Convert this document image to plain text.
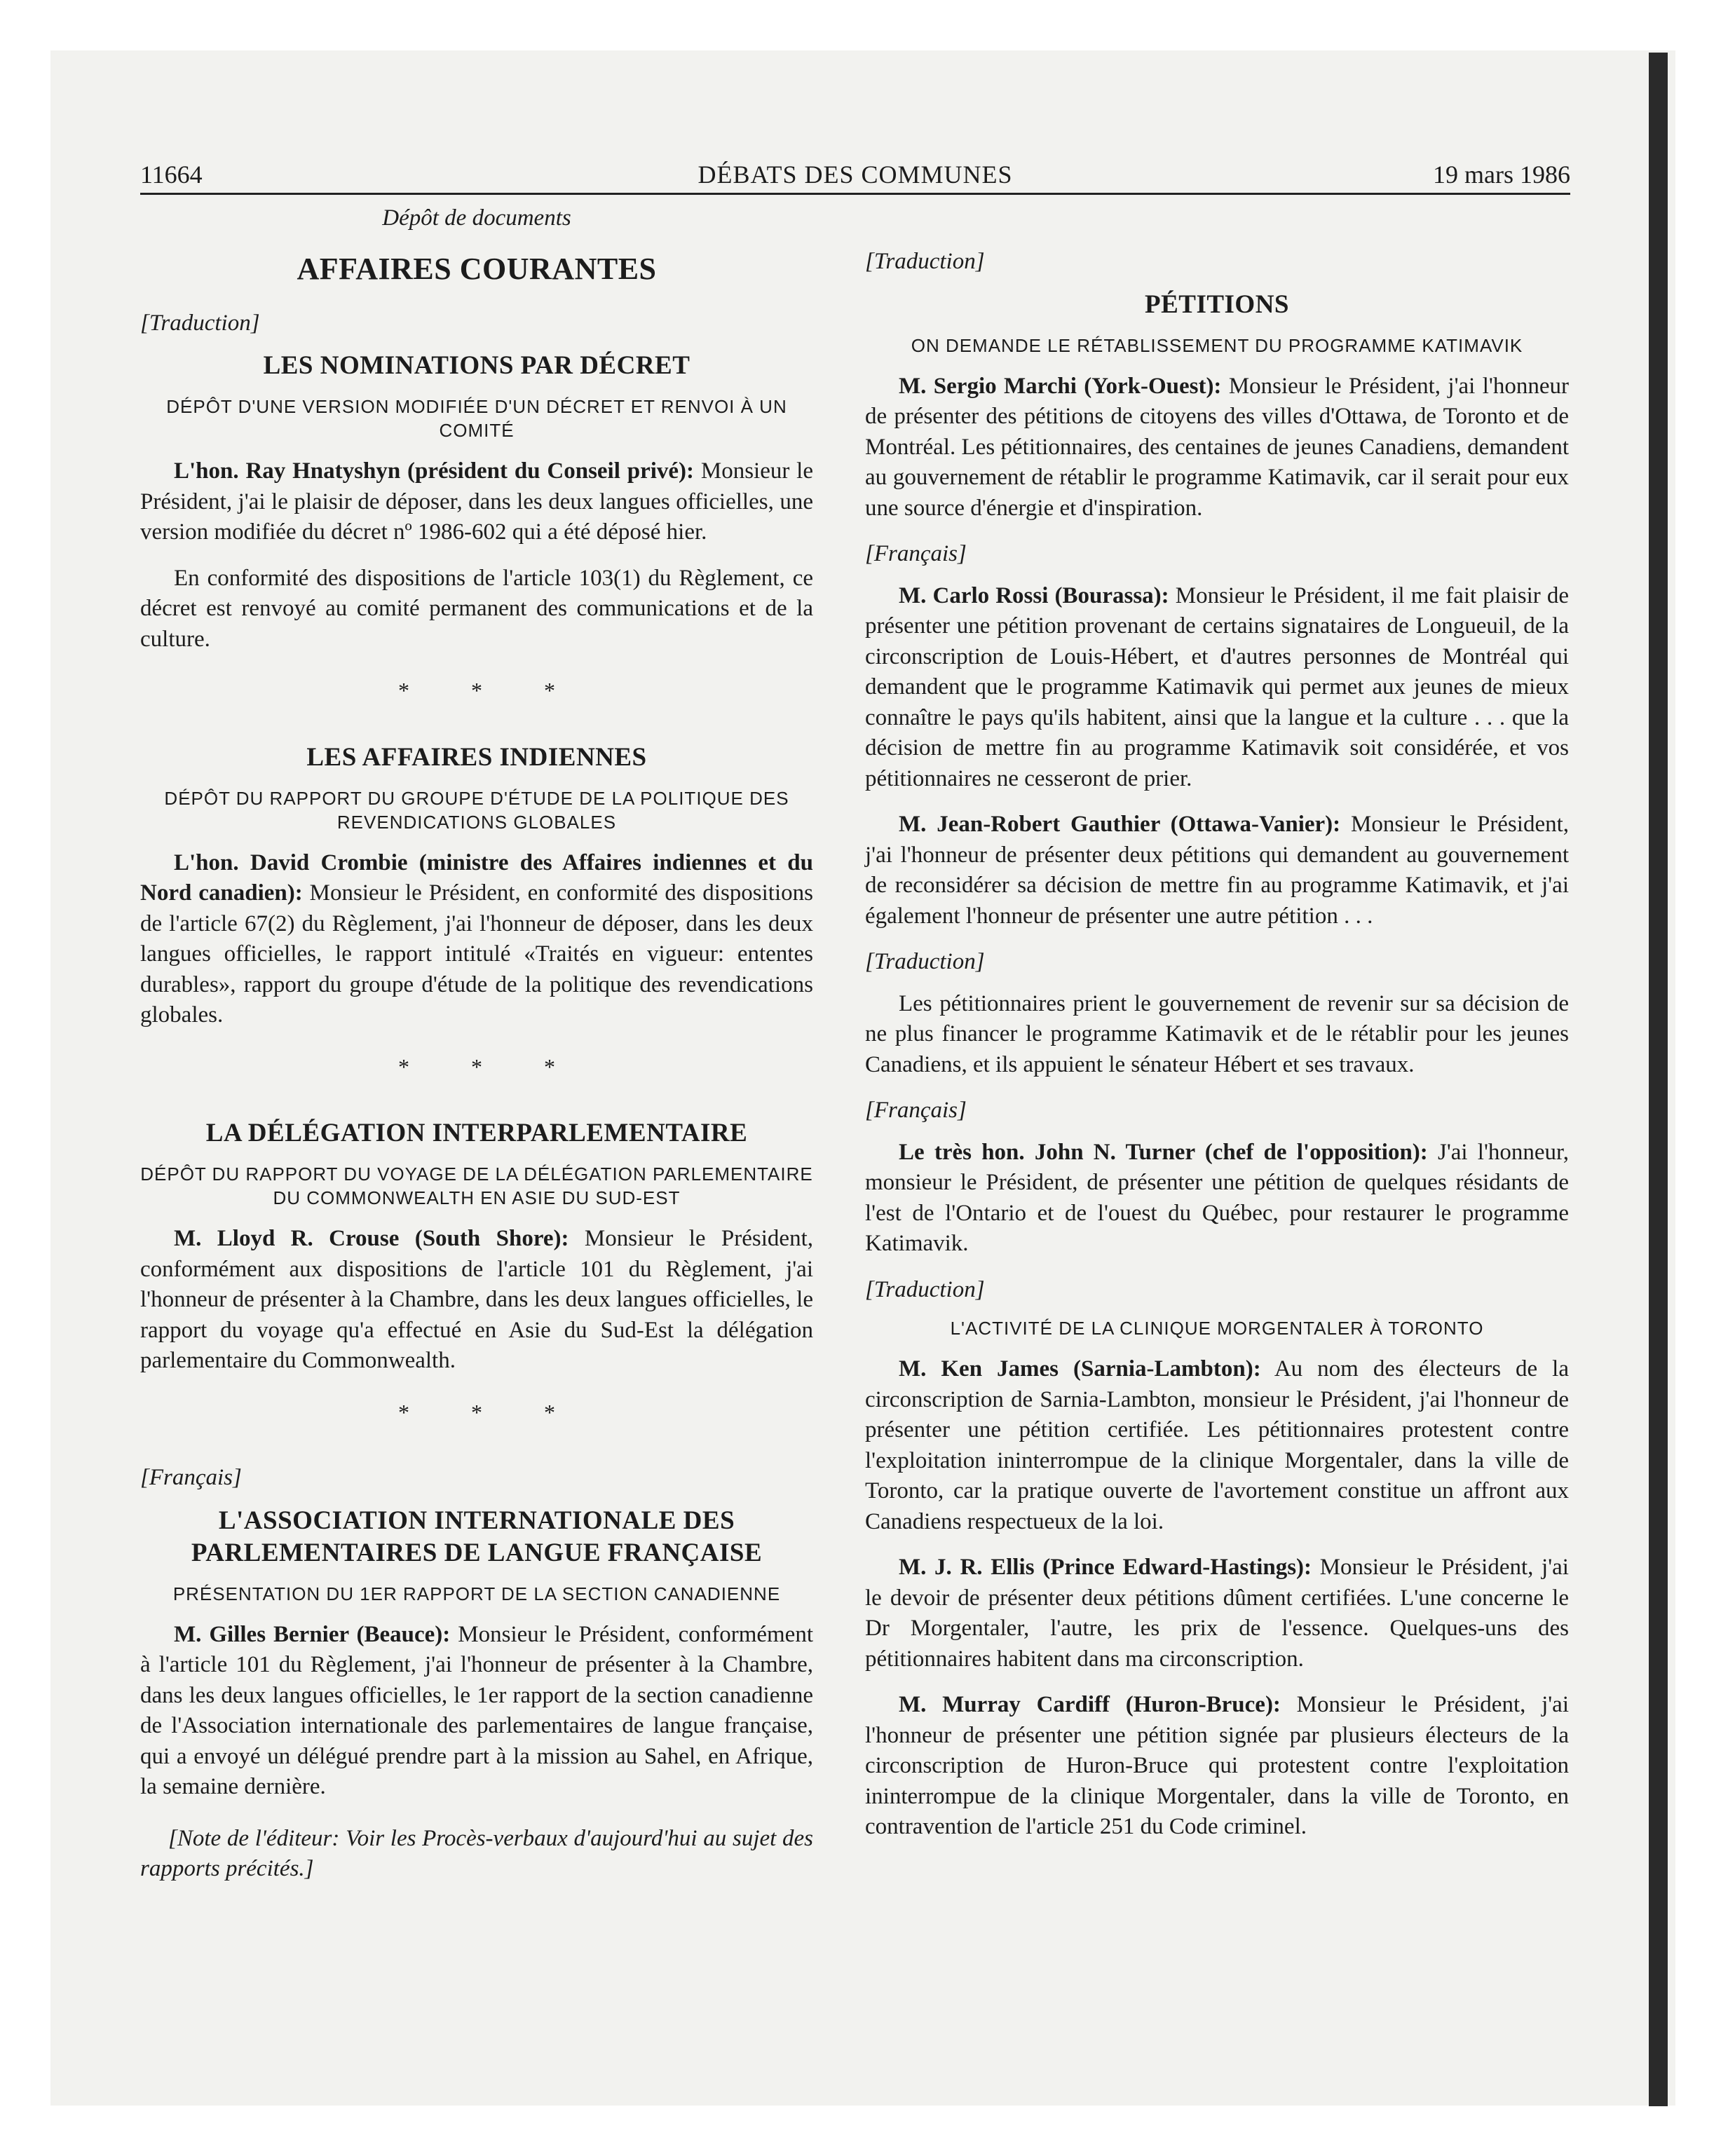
11664	DÉBATS DES COMMUNES	19 mars 1986
Dépôt de documents
AFFAIRES COURANTES

[Traduction]

LES NOMINATIONS PAR DÉCRET
DÉPÔT D'UNE VERSION MODIFIÉE D'UN DÉCRET ET RENVOI À UN COMITÉ

L'hon. Ray Hnatyshyn (président du Conseil privé): Monsieur le Président, j'ai le plaisir de déposer, dans les deux langues officielles, une version modifiée du décret nº 1986-602 qui a été déposé hier.

En conformité des dispositions de l'article 103(1) du Règlement, ce décret est renvoyé au comité permanent des communications et de la culture.

* * *
LES AFFAIRES INDIENNES
DÉPÔT DU RAPPORT DU GROUPE D'ÉTUDE DE LA POLITIQUE DES REVENDICATIONS GLOBALES

L'hon. David Crombie (ministre des Affaires indiennes et du Nord canadien): Monsieur le Président, en conformité des dispositions de l'article 67(2) du Règlement, j'ai l'honneur de déposer, dans les deux langues officielles, le rapport intitulé «Traités en vigueur: ententes durables», rapport du groupe d'étude de la politique des revendications globales.

* * *
LA DÉLÉGATION INTERPARLEMENTAIRE
DÉPÔT DU RAPPORT DU VOYAGE DE LA DÉLÉGATION PARLEMENTAIRE DU COMMONWEALTH EN ASIE DU SUD-EST

M. Lloyd R. Crouse (South Shore): Monsieur le Président, conformément aux dispositions de l'article 101 du Règlement, j'ai l'honneur de présenter à la Chambre, dans les deux langues officielles, le rapport du voyage qu'a effectué en Asie du Sud-Est la délégation parlementaire du Commonwealth.

* * *

[Français]

L'ASSOCIATION INTERNATIONALE DES PARLEMENTAIRES DE LANGUE FRANÇAISE
PRÉSENTATION DU 1ER RAPPORT DE LA SECTION CANADIENNE

M. Gilles Bernier (Beauce): Monsieur le Président, conformément à l'article 101 du Règlement, j'ai l'honneur de présenter à la Chambre, dans les deux langues officielles, le 1er rapport de la section canadienne de l'Association internationale des parlementaires de langue française, qui a envoyé un délégué prendre part à la mission au Sahel, en Afrique, la semaine dernière.

[Note de l'éditeur: Voir les Procès-verbaux d'aujourd'hui au sujet des rapports précités.]

[Traduction]

PÉTITIONS
ON DEMANDE LE RÉTABLISSEMENT DU PROGRAMME KATIMAVIK

M. Sergio Marchi (York-Ouest): Monsieur le Président, j'ai l'honneur de présenter des pétitions de citoyens des villes d'Ottawa, de Toronto et de Montréal. Les pétitionnaires, des centaines de jeunes Canadiens, demandent au gouvernement de rétablir le programme Katimavik, car il serait pour eux une source d'énergie et d'inspiration.

[Français]

M. Carlo Rossi (Bourassa): Monsieur le Président, il me fait plaisir de présenter une pétition provenant de certains signataires de Longueuil, de la circonscription de Louis-Hébert, et d'autres personnes de Montréal qui demandent que le programme Katimavik qui permet aux jeunes de mieux connaître le pays qu'ils habitent, ainsi que la langue et la culture . . . que la décision de mettre fin au programme Katimavik soit considérée, et vos pétitionnaires ne cesseront de prier.

M. Jean-Robert Gauthier (Ottawa-Vanier): Monsieur le Président, j'ai l'honneur de présenter deux pétitions qui demandent au gouvernement de reconsidérer sa décision de mettre fin au programme Katimavik, et j'ai également l'honneur de présenter une autre pétition . . .

[Traduction]

Les pétitionnaires prient le gouvernement de revenir sur sa décision de ne plus financer le programme Katimavik et de le rétablir pour les jeunes Canadiens, et ils appuient le sénateur Hébert et ses travaux.

[Français]

Le très hon. John N. Turner (chef de l'opposition): J'ai l'honneur, monsieur le Président, de présenter une pétition de quelques résidants de l'est de l'Ontario et de l'ouest du Québec, pour restaurer le programme Katimavik.

[Traduction]

L'ACTIVITÉ DE LA CLINIQUE MORGENTALER À TORONTO

M. Ken James (Sarnia-Lambton): Au nom des électeurs de la circonscription de Sarnia-Lambton, monsieur le Président, j'ai l'honneur de présenter une pétition certifiée. Les pétitionnaires protestent contre l'exploitation ininterrompue de la clinique Morgentaler, dans la ville de Toronto, car la pratique ouverte de l'avortement constitue un affront aux Canadiens respectueux de la loi.

M. J. R. Ellis (Prince Edward-Hastings): Monsieur le Président, j'ai le devoir de présenter deux pétitions dûment certifiées. L'une concerne le Dr Morgentaler, l'autre, les prix de l'essence. Quelques-uns des pétitionnaires habitent dans ma circonscription.

M. Murray Cardiff (Huron-Bruce): Monsieur le Président, j'ai l'honneur de présenter une pétition signée par plusieurs électeurs de la circonscription de Huron-Bruce qui protestent contre l'exploitation ininterrompue de la clinique Morgentaler, dans la ville de Toronto, en contravention de l'article 251 du Code criminel.
